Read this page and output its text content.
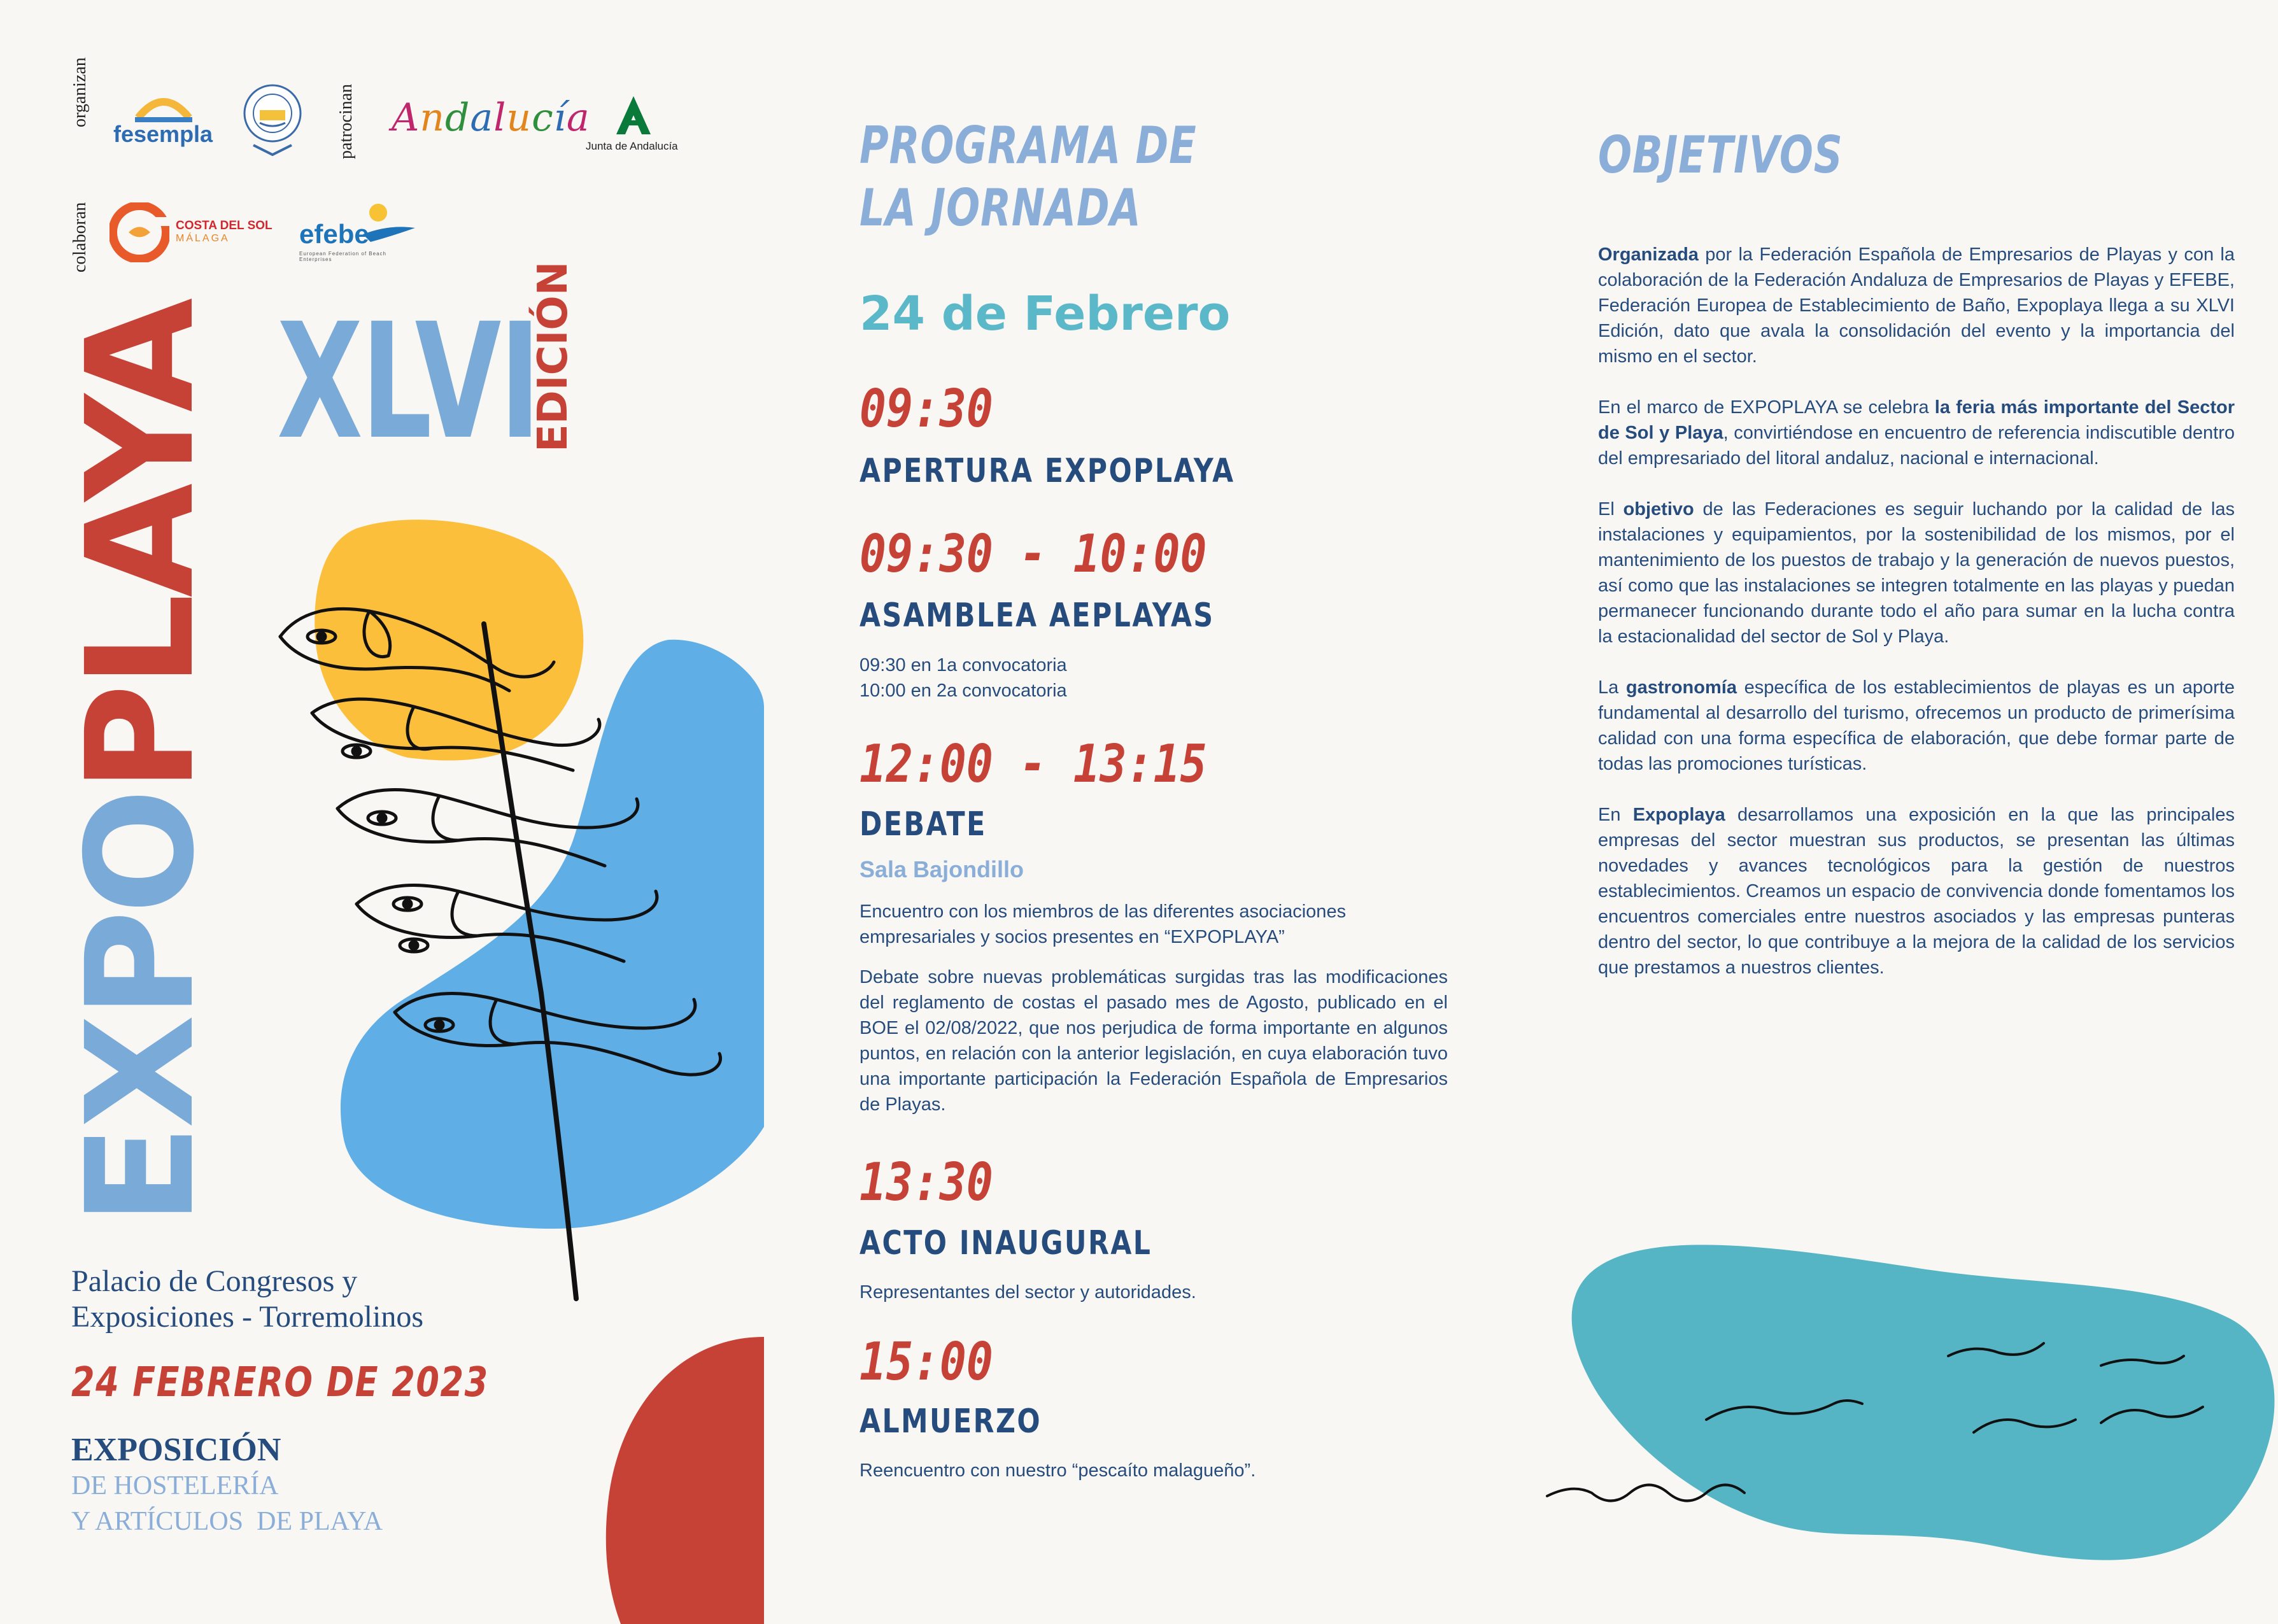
organizan	patrocinan
colaboran
fesempla	Andalucía
Junta de Andalucía
COSTA DEL SOL
MÁLAGA	efebe
European Federation of Beach Enterprises
EXPOPLAYA XLVI
EDICIÓN
Palacio de Congresos y
Exposiciones - Torremolinos
24 FEBRERO DE 2023
EXPOSICIÓN
DE HOSTELERÍA
Y ARTÍCULOS  DE PLAYA
PROGRAMA DE
LA JORNADA
24 de Febrero
09:30
APERTURA EXPOPLAYA
09:30 - 10:00
ASAMBLEA AEPLAYAS
09:30 en 1a convocatoria
10:00 en 2a convocatoria
12:00 - 13:15
DEBATE
Sala Bajondillo
Encuentro con los miembros de las diferentes asociaciones empresariales y socios presentes en “EXPOPLAYA”
Debate sobre nuevas problemáticas surgidas tras las modificaciones del reglamento de costas el pasado mes de Agosto, publicado en el BOE el 02/08/2022, que nos perjudica de forma importante en algunos puntos, en relación con la anterior legislación, en cuya elaboración tuvo una importante participación la Federación Española de Empresarios de Playas.
13:30
ACTO INAUGURAL
Representantes del sector y autoridades.
15:00
ALMUERZO
Reencuentro con nuestro “pescaíto malagueño”.
OBJETIVOS

Organizada por la Federación Española de Empresarios de Playas y con la colaboración de la Federación Andaluza de Empresarios de Playas y EFEBE, Federación Europea de Establecimiento de Baño, Expoplaya llega a su XLVI Edición, dato que avala la consolidación del evento y la importancia del mismo en el sector.

En el marco de EXPOPLAYA se celebra la feria más importante del Sector de Sol y Playa, convirtiéndose en encuentro de referencia indiscutible dentro del empresariado del litoral andaluz, nacional e internacional.

El objetivo de las Federaciones es seguir luchando por la calidad de las instalaciones y equipamientos, por la sostenibilidad de los mismos, por el mantenimiento de los puestos de trabajo y la generación de nuevos puestos, así como que las instalaciones se integren totalmente en las playas y puedan permanecer funcionando durante todo el año para sumar en la lucha contra la estacionalidad del sector de Sol y Playa.

La gastronomía específica de los establecimientos de playas es un aporte fundamental al desarrollo del turismo, ofrecemos un producto de primerísima calidad con una forma específica de elaboración, que debe formar parte de todas las promociones turísticas.

En Expoplaya desarrollamos una exposición en la que las principales empresas del sector muestran sus productos, se presentan las últimas novedades y avances tecnológicos para la gestión de nuestros establecimientos. Creamos un espacio de convivencia donde fomentamos los encuentros comerciales entre nuestros asociados y las empresas punteras dentro del sector, lo que contribuye a la mejora de la calidad de los servicios que prestamos a nuestros clientes.
